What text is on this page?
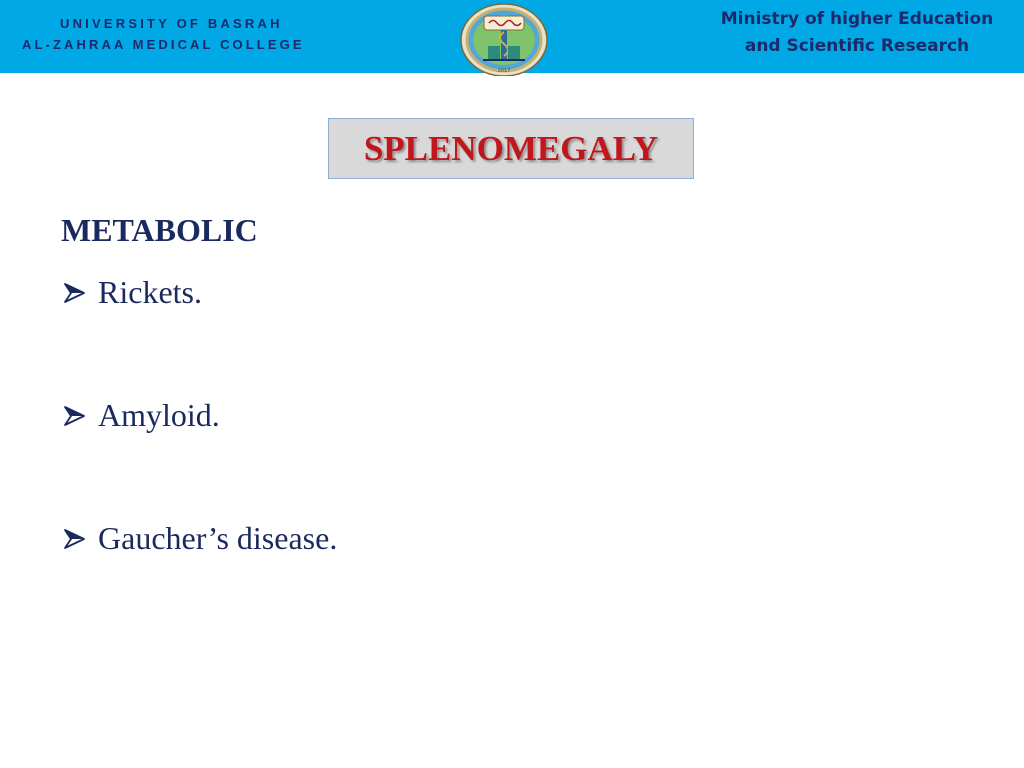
UNIVERSITY OF BASRAH
AL-ZAHRAA MEDICAL COLLEGE
2017
Ministry of higher Education
and Scientific Research
SPLENOMEGALY
METABOLIC
Rickets.
Amyloid.
Gaucher’s disease.
